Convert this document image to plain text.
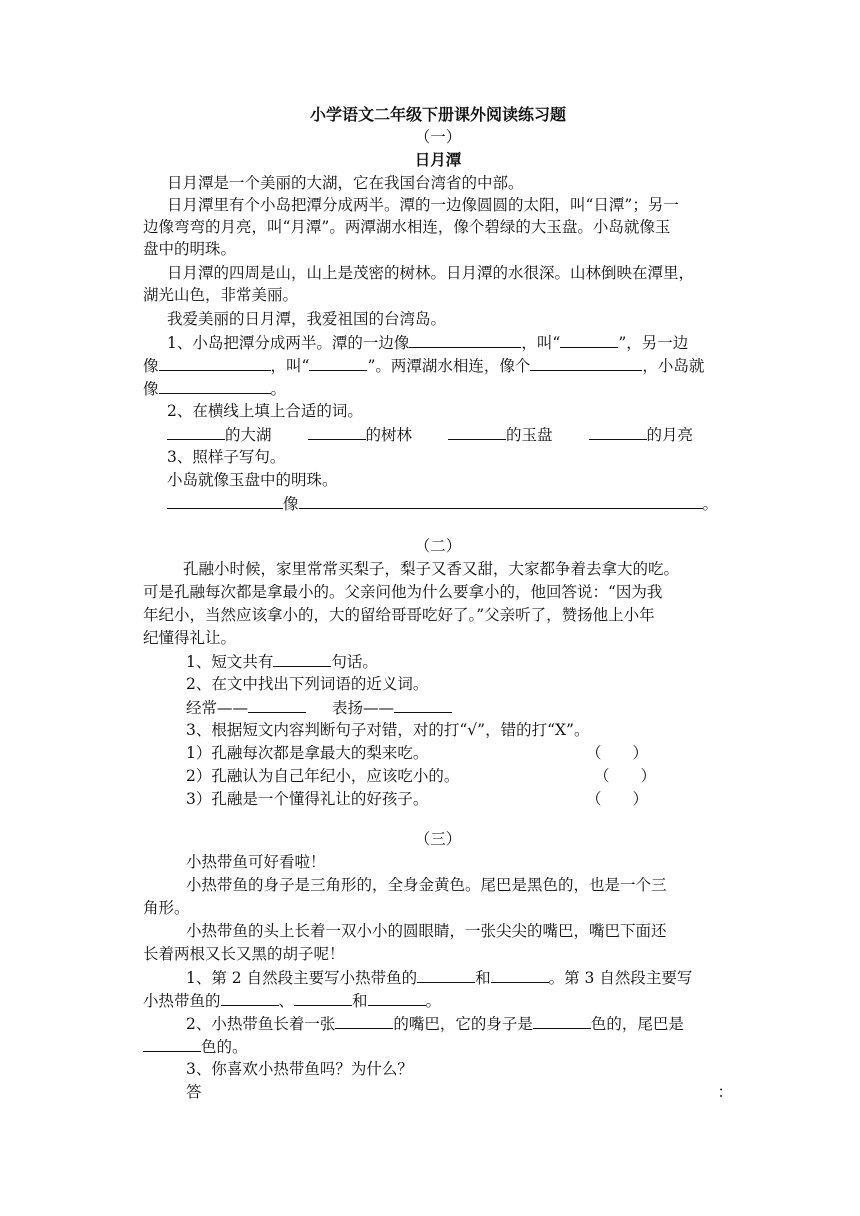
小学语文二年级下册课外阅读练习题
（一）
日月潭
日月潭是一个美丽的大湖，它在我国台湾省的中部。
日月潭里有个小岛把潭分成两半。潭的一边像圆圆的太阳，叫“日潭”；另一
边像弯弯的月亮，叫“月潭”。两潭湖水相连，像个碧绿的大玉盘。小岛就像玉
盘中的明珠。
日月潭的四周是山，山上是茂密的树林。日月潭的水很深。山林倒映在潭里，
湖光山色，非常美丽。
我爱美丽的日月潭，我爱祖国的台湾岛。
1、小岛把潭分成两半。潭的一边像	，叫“	”，另一边
像	，叫“	”。两潭湖水相连，像个	，小岛就
像	。
2、在横线上填上合适的词。
的大湖	的树林	的玉盘	的月亮
3、照样子写句。
小岛就像玉盘中的明珠。
像	。
（二）
孔融小时候，家里常常买梨子，梨子又香又甜，大家都争着去拿大的吃。
可是孔融每次都是拿最小的。父亲问他为什么要拿小的，他回答说：“因为我
年纪小，当然应该拿小的，大的留给哥哥吃好了。”父亲听了，赞扬他上小年
纪懂得礼让。
1、短文共有	句话。
2、在文中找出下列词语的近义词。
经常——	表扬——
3、根据短文内容判断句子对错，对的打“√”，错的打“X”。
1）孔融每次都是拿最大的梨来吃。	（　　）
2）孔融认为自己年纪小，应该吃小的。	（　　）
3）孔融是一个懂得礼让的好孩子。	（　　）
（三）
小热带鱼可好看啦！
小热带鱼的身子是三角形的，全身金黄色。尾巴是黑色的，也是一个三
角形。
小热带鱼的头上长着一双小小的圆眼睛，一张尖尖的嘴巴，嘴巴下面还
长着两根又长又黑的胡子呢！
1、第 2 自然段主要写小热带鱼的	和	。第 3 自然段主要写
小热带鱼的	、	和	。
2、小热带鱼长着一张	的嘴巴，它的身子是	色的，尾巴是
色的。
3、你喜欢小热带鱼吗？为什么？
答	：
